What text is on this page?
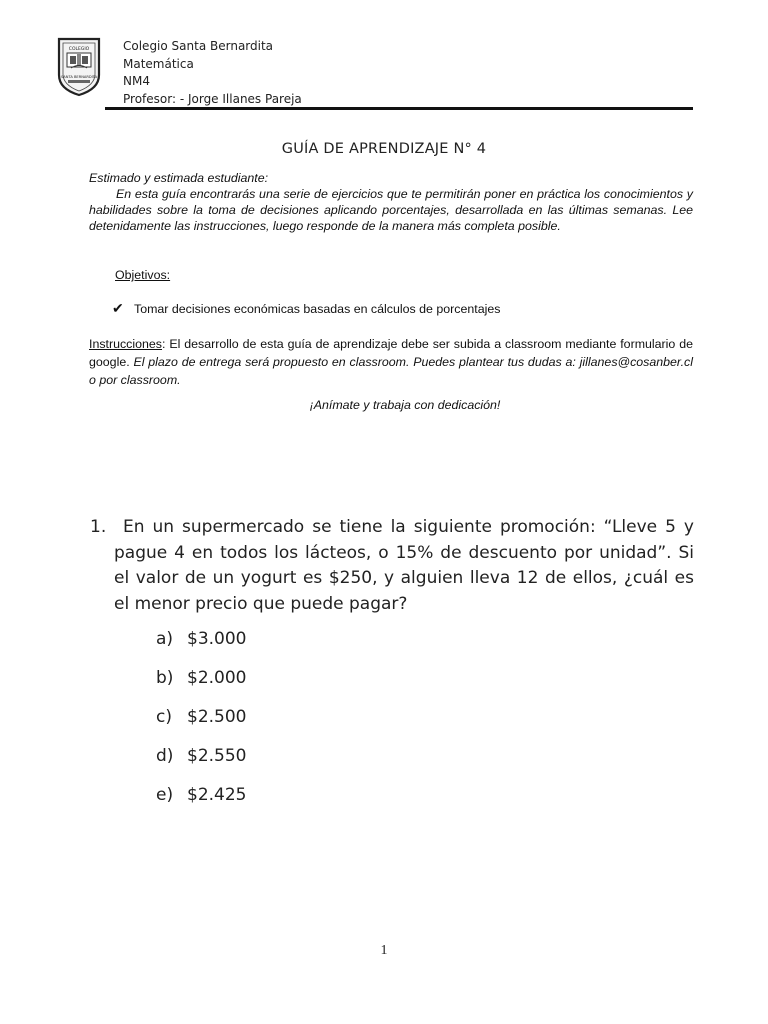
COLEGIO
SANTA BERNARDITA
Colegio Santa Bernardita
Matemática
NM4
Profesor: - Jorge Illanes Pareja
GUÍA DE APRENDIZAJE N° 4

Estimado y estimada estudiante:

En esta guía encontrarás una serie de ejercicios que te permitirán poner en práctica los conocimientos y habilidades sobre la toma de decisiones aplicando porcentajes, desarrollada en las últimas semanas. Lee detenidamente las instrucciones, luego responde de la manera más completa posible.

Objetivos:
✔ Tomar decisiones económicas basadas en cálculos de porcentajes
Instrucciones: El desarrollo de esta guía de aprendizaje debe ser subida a classroom mediante formulario de google. El plazo de entrega será propuesto en classroom. Puedes plantear tus dudas a: jillanes@cosanber.cl o por classroom.
¡Anímate y trabaja con dedicación!
1. En un supermercado se tiene la siguiente promoción: “Lleve 5 y pague 4 en todos los lácteos, o 15% de descuento por unidad”. Si el valor de un yogurt es $250, y alguien lleva 12 de ellos, ¿cuál es el menor precio que puede pagar?
a) $3.000
b) $2.000
c) $2.500
d) $2.550
e) $2.425
1
